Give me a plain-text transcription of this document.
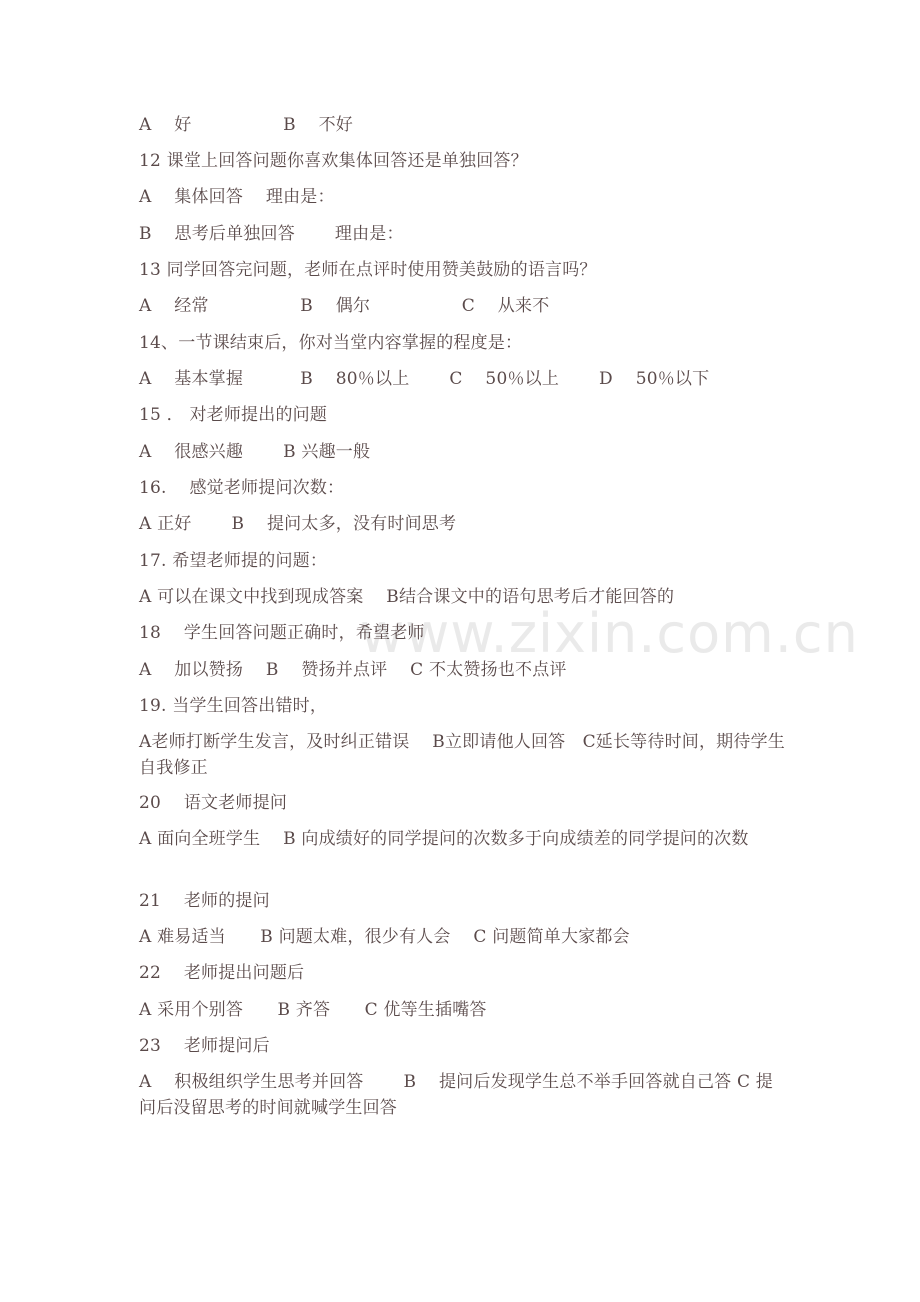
A　 好　　　　　 B　 不好
12 课堂上回答问题你喜欢集体回答还是单独回答？
A　 集体回答　 理由是：
B　 思考后单独回答　　 理由是：
13 同学回答完问题，老师在点评时使用赞美鼓励的语言吗？
A　 经常　　　　　 B　 偶尔　　　　　 C　 从来不
14、一节课结束后，你对当堂内容掌握的程度是：
A　 基本掌握　　　 B　 80％以上　　 C　 50％以上　　 D　 50％以下
15 ． 对老师提出的问题
A　 很感兴趣　　 B 兴趣一般
16.　 感觉老师提问次数：
A 正好　　 B　 提问太多，没有时间思考
17. 希望老师提的问题：
A 可以在课文中找到现成答案　 B结合课文中的语句思考后才能回答的
18　 学生回答问题正确时，希望老师
A　 加以赞扬　 B　 赞扬并点评　 C 不太赞扬也不点评
19. 当学生回答出错时，
A老师打断学生发言，及时纠正错误　 B立即请他人回答　C延长等待时间，期待学生自我修正
20　 语文老师提问
A 面向全班学生　 B 向成绩好的同学提问的次数多于向成绩差的同学提问的次数
21　 老师的提问
A 难易适当　　B 问题太难，很少有人会　 C 问题简单大家都会
22　 老师提出问题后
A 采用个别答　　B 齐答　　C 优等生插嘴答
23　 老师提问后
A　 积极组织学生思考并回答　　 B　 提问后发现学生总不举手回答就自己答 C 提问后没留思考的时间就喊学生回答
www.zixin.com.cn
